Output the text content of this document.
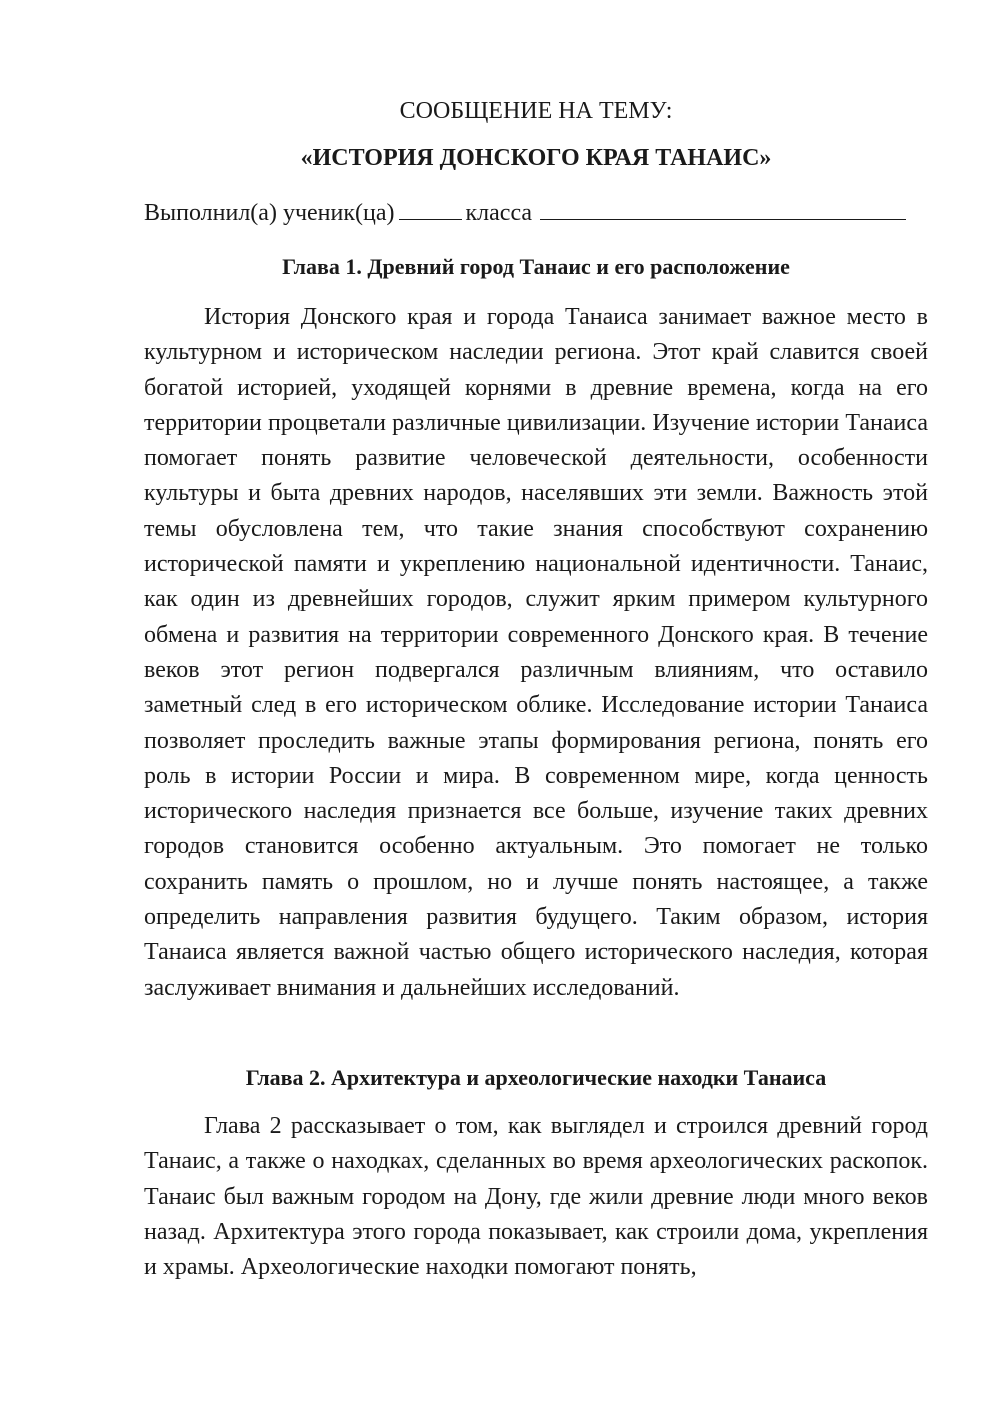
СООБЩЕНИЕ НА ТЕМУ:
«ИСТОРИЯ ДОНСКОГО КРАЯ ТАНАИС»
Выполнил(а) ученик(ца)	класса
Глава 1. Древний город Танаис и его расположение

История Донского края и города Танаиса занимает важное место в культурном и историческом наследии региона. Этот край славится своей богатой историей, уходящей корнями в древние времена, когда на его территории процветали различные цивилизации. Изучение истории Танаиса помогает понять развитие человеческой деятельности, особенности культуры и быта древних народов, населявших эти земли. Важность этой темы обусловлена тем, что такие знания способствуют сохранению исторической памяти и укреплению национальной идентичности. Танаис, как один из древнейших городов, служит ярким примером культурного обмена и развития на территории современного Донского края. В течение веков этот регион подвергался различным влияниям, что оставило заметный след в его историческом облике. Исследование истории Танаиса позволяет проследить важные этапы формирования региона, понять его роль в истории России и мира. В современном мире, когда ценность исторического наследия признается все больше, изучение таких древних городов становится особенно актуальным. Это помогает не только сохранить память о прошлом, но и лучше понять настоящее, а также определить направления развития будущего. Таким образом, история Танаиса является важной частью общего исторического наследия, которая заслуживает внимания и дальнейших исследований.

Глава 2. Архитектура и археологические находки Танаиса

Глава 2 рассказывает о том, как выглядел и строился древний город Танаис, а также о находках, сделанных во время археологических раскопок. Танаис был важным городом на Дону, где жили древние люди много веков назад. Архитектура этого города показывает, как строили дома, укрепления и храмы. Археологические находки помогают понять,
